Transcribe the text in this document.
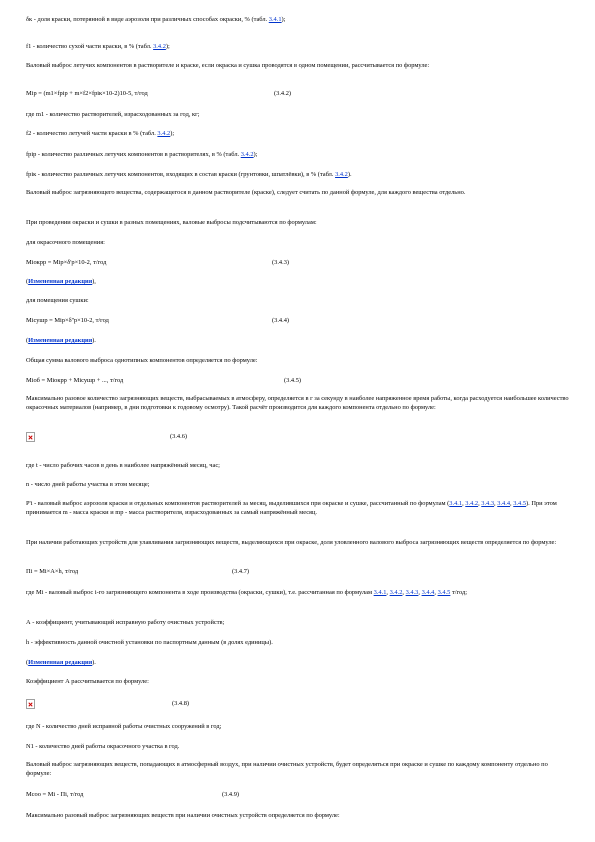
δк - доля краски, потерянной в виде аэрозоля при различных способах окраски, % (табл. 3.4.1);

f1 - количество сухой части краски, в % (табл. 3.4.2);

Валовый выброс летучих компонентов в растворителе и краске, если окраска и сушка проводятся в одном помещении, рассчитывается по формуле:

Мiр = (m1×fpiр + m×f2×fpiк×10-2)10-5, т/год	(3.4.2)

где m1 - количество растворителей, израсходованных за год, кг;

f2 - количество летучей части краски в % (табл. 3.4.2);

fpiр - количество различных летучих компонентов в растворителях, в % (табл. 3.4.2);

fpiк - количество различных летучих компонентов, входящих в состав краски (грунтовки, шпатлёвки), в % (табл. 3.4.2).

Валовый выброс загрязняющего вещества, содержащегося в данном растворителе (краске), следует считать по данной формуле, для каждого вещества отдельно.

При проведении окраски и сушки в разных помещениях, валовые выбросы подсчитываются по формулам:

для окрасочного помещения:

Мiокрр = Мiр×δ'р×10-2, т/год	(3.4.3)

(Измененная редакция),

для помещения сушки:

Мiсушр = Мiр×δ''р×10-2, т/год	(3.4.4)

(Измененная редакция).

Общая сумма валового выброса однотипных компонентов определяется по формуле:

Мiоб = Мiокрр + Мiсушр + ..., т/год	(3.4.5)

Максимально разовое количество загрязняющих веществ, выбрасываемых в атмосферу, определяется в г за секунду в наиболее напряженное время работы, когда расходуется наибольшее количество окрасочных материалов (например, в дни подготовки к годовому осмотру). Такой расчёт производится для каждого компонента отдельно по формуле:

(3.4.6)

где t - число рабочих часов в день в наиболее напряжённый месяц, час;

n - число дней работы участка в этом месяце;

Р'i - валовый выброс аэрозоля краски и отдельных компонентов растворителей за месяц, выделившихся при окраске и сушке, рассчитанный по формулам (3.4.1, 3.4.2, 3.4.3, 3.4.4, 3.4.5). При этом принимается m - масса краски и mр - масса растворителя, израсходованных за самый напряжённый месяц.

При наличии работающих устройств для улавливания загрязняющих веществ, выделяющихся при окраске, доля уловленного валового выброса загрязняющих веществ определяется по формуле:

Пi = Мi×А×h, т/год	(3.4.7)

где Мi - валовый выброс i-го загрязняющего компонента в ходе производства (окраски, сушки), т.е. рассчитанная по формулам 3.4.1, 3.4.2, 3.4.3, 3.4.4, 3.4.5 т/год;

А - коэффициент, учитывающий исправную работу очистных устройств;

h - эффективность данной очистной установки по паспортным данным (в долях единицы).

(Измененная редакция).

Коэффициент А рассчитывается по формуле:

(3.4.8)

где N - количество дней исправной работы очистных сооружений в год;

N1 - количество дней работы окрасочного участка в год.

Валовый выброс загрязняющих веществ, попадающих в атмосферный воздух, при наличии очистных устройств, будет определяться при окраске и сушке по каждому компоненту отдельно по формуле:

Мсоо = Мi - Пi, т/год	(3.4.9)

Максимально разовый выброс загрязняющих веществ при наличии очистных устройств определяется по формуле:
